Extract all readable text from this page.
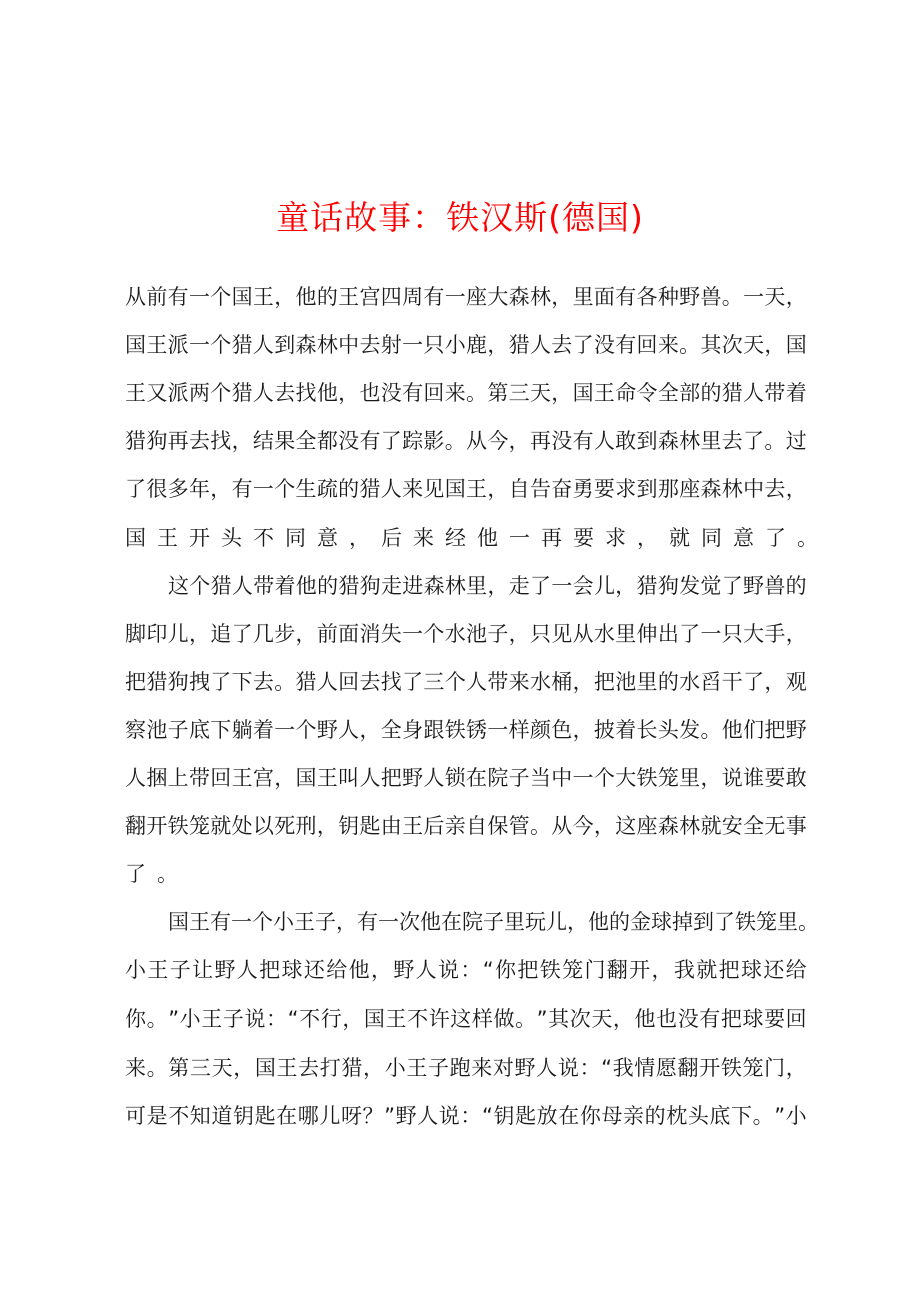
童话故事：铁汉斯(德国)
从 前 有 一 个 国 王 ， 他 的 王 宫 四 周 有 一 座 大 森 林 ， 里 面 有 各 种 野 兽 。 一 天 ，
国 王 派 一 个 猎 人 到 森 林 中 去 射 一 只 小 鹿 ， 猎 人 去 了 没 有 回 来 。 其 次 天 ， 国
王 又 派 两 个 猎 人 去 找 他 ， 也 没 有 回 来 。 第 三 天 ， 国 王 命 令 全 部 的 猎 人 带 着
猎 狗 再 去 找 ， 结 果 全 都 没 有 了 踪 影 。 从 今 ， 再 没 有 人 敢 到 森 林 里 去 了 。 过
了 很 多 年 ， 有 一 个 生 疏 的 猎 人 来 见 国 王 ， 自 告 奋 勇 要 求 到 那 座 森 林 中 去 ，
国王开头不同意，后来经他一再要求，就同意了。
这 个 猎 人 带 着 他 的 猎 狗 走 进 森 林 里 ， 走 了 一 会 儿 ， 猎 狗 发 觉 了 野 兽 的
脚 印 儿 ， 追 了 几 步 ， 前 面 消 失 一 个 水 池 子 ， 只 见 从 水 里 伸 出 了 一 只 大 手 ，
把 猎 狗 拽 了 下 去 。 猎 人 回 去 找 了 三 个 人 带 来 水 桶 ， 把 池 里 的 水 舀 干 了 ， 观
察 池 子 底 下 躺 着 一 个 野 人 ， 全 身 跟 铁 锈 一 样 颜 色 ， 披 着 长 头 发 。 他 们 把 野
人 捆 上 带 回 王 宫 ， 国 王 叫 人 把 野 人 锁 在 院 子 当 中 一 个 大 铁 笼 里 ， 说 谁 要 敢
翻 开 铁 笼 就 处 以 死 刑 ， 钥 匙 由 王 后 亲 自 保 管 。 从 今 ， 这 座 森 林 就 安 全 无 事
了。
国 王 有 一 个 小 王 子 ， 有 一 次 他 在 院 子 里 玩 儿 ， 他 的 金 球 掉 到 了 铁 笼 里 。
小 王 子 让 野 人 把 球 还 给 他 ， 野 人 说 ： “ 你 把 铁 笼 门 翻 开 ， 我 就 把 球 还 给
你 。 ” 小 王 子 说 ： “ 不 行 ， 国 王 不 许 这 样 做 。 ” 其 次 天 ， 他 也 没 有 把 球 要 回
来 。 第 三 天 ， 国 王 去 打 猎 ， 小 王 子 跑 来 对 野 人 说 ： “ 我 情 愿 翻 开 铁 笼 门 ，
可 是 不 知 道 钥 匙 在 哪 儿 呀 ？ ” 野 人 说 ： “ 钥 匙 放 在 你 母 亲 的 枕 头 底 下 。 ” 小
